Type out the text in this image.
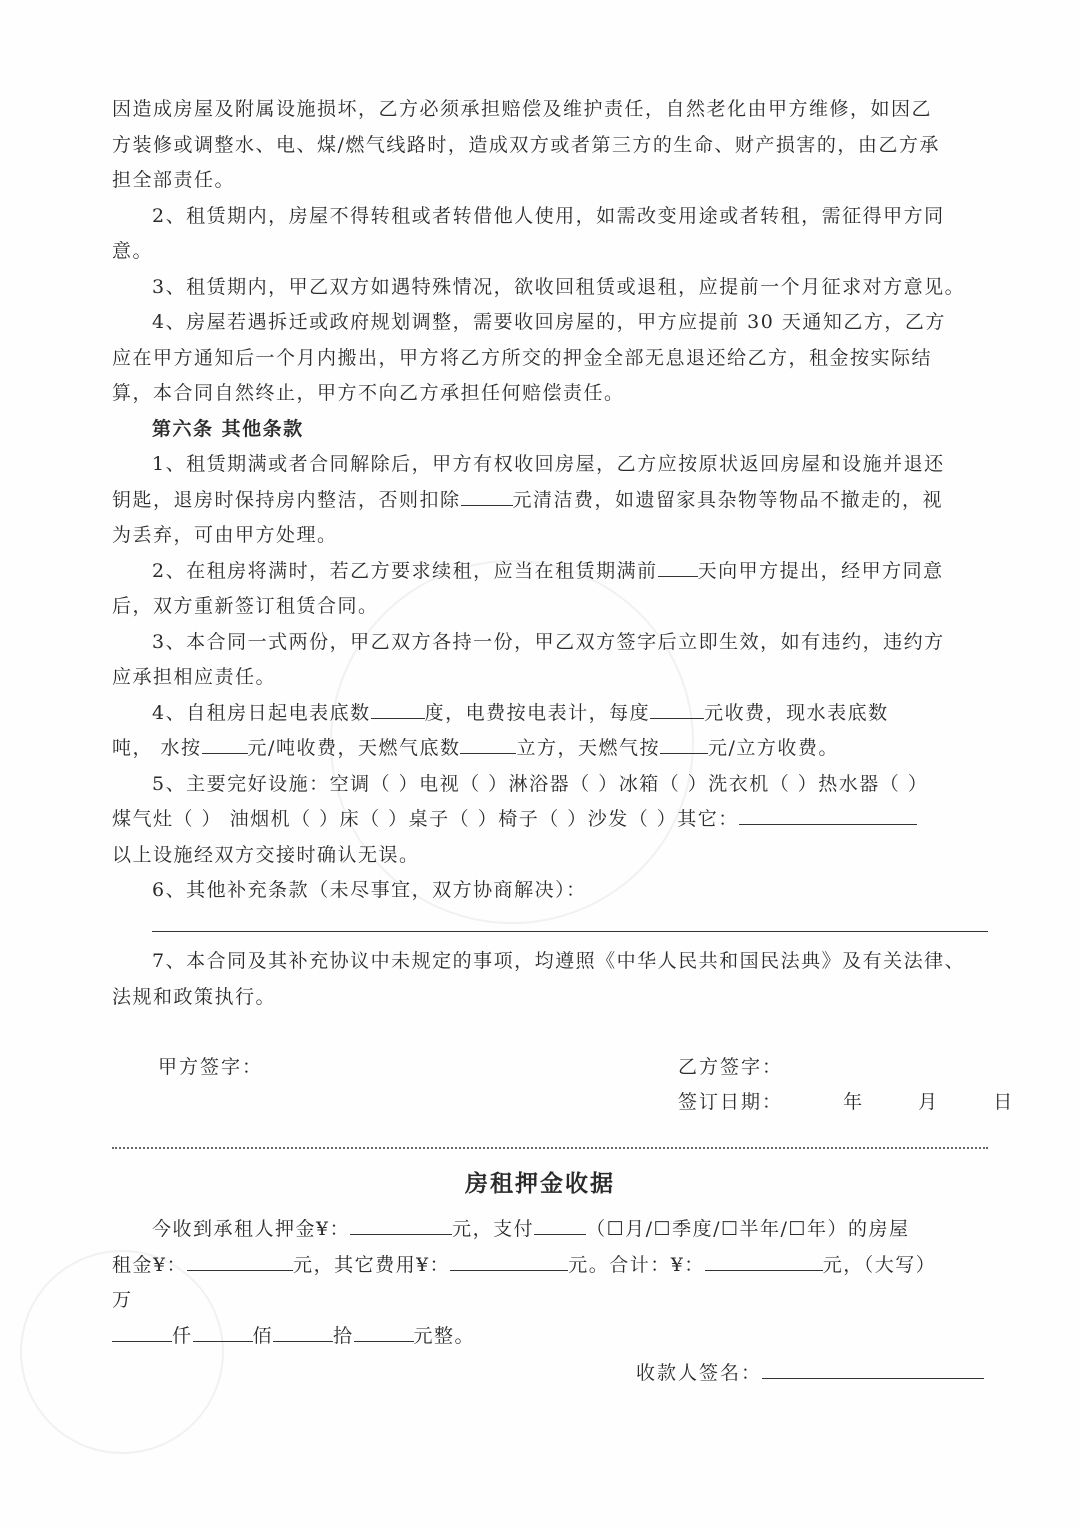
因造成房屋及附属设施损坏，乙方必须承担赔偿及维护责任，自然老化由甲方维修，如因乙
方装修或调整水、电、煤/燃气线路时，造成双方或者第三方的生命、财产损害的，由乙方承
担全部责任。
2、租赁期内，房屋不得转租或者转借他人使用，如需改变用途或者转租，需征得甲方同
意。
3、租赁期内，甲乙双方如遇特殊情况，欲收回租赁或退租，应提前一个月征求对方意见。
4、房屋若遇拆迁或政府规划调整，需要收回房屋的，甲方应提前 30 天通知乙方，乙方
应在甲方通知后一个月内搬出，甲方将乙方所交的押金全部无息退还给乙方，租金按实际结
算，本合同自然终止，甲方不向乙方承担任何赔偿责任。
第六条 其他条款
1、租赁期满或者合同解除后，甲方有权收回房屋，乙方应按原状返回房屋和设施并退还
钥匙，退房时保持房内整洁，否则扣除	元清洁费，如遗留家具杂物等物品不撤走的，视
为丢弃，可由甲方处理。
2、在租房将满时，若乙方要求续租，应当在租赁期满前 天向甲方提出，经甲方同意
后，双方重新签订租赁合同。
3、本合同一式两份，甲乙双方各持一份，甲乙双方签字后立即生效，如有违约，违约方
应承担相应责任。
4、自租房日起电表底数	度，电费按电表计，每度	元收费，现水表底数
吨， 水按 元/吨收费，天燃气底数	立方，天燃气按	元/立方收费。
5、主要完好设施：空调（ ）电视（ ）淋浴器（ ）冰箱（ ）洗衣机（ ）热水器（ ）
煤气灶（ ） 油烟机（ ）床（ ）桌子（ ）椅子（ ）沙发（ ）其它：
以上设施经双方交接时确认无误。
6、其他补充条款（未尽事宜，双方协商解决）：
7、本合同及其补充协议中未规定的事项，均遵照《中华人民共和国民法典》及有关法律、
法规和政策执行。
甲方签字：	乙方签字：
签订日期：	年	月	日
房租押金收据
今收到承租人押金¥：	元，支付	（☐月/☐季度/☐半年/☐年）的房屋
租金¥：	元，其它费用¥：	元。合计：¥：	元，（大写）
万
仟	佰	拾	元整。
收款人签名：
